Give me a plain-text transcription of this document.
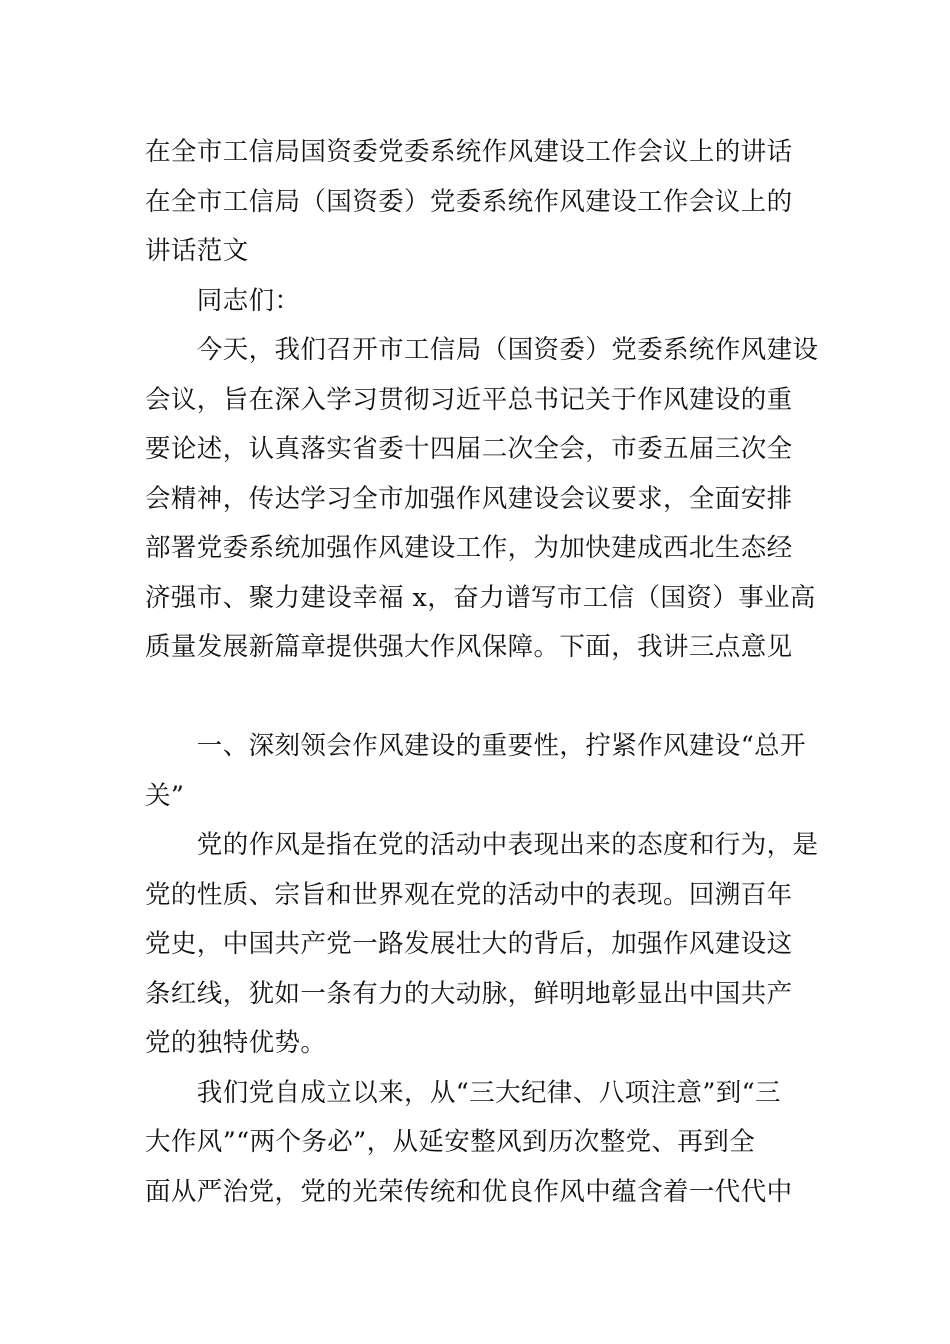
在全市工信局国资委党委系统作风建设工作会议上的讲话
在全市工信局（国资委）党委系统作风建设工作会议上的
讲话范文
　　同志们：
　　今天，我们召开市工信局（国资委）党委系统作风建设
会议，旨在深入学习贯彻习近平总书记关于作风建设的重
要论述，认真落实省委十四届二次全会，市委五届三次全
会精神，传达学习全市加强作风建设会议要求，全面安排
部署党委系统加强作风建设工作，为加快建成西北生态经
济强市、聚力建设幸福 x，奋力谱写市工信（国资）事业高
质量发展新篇章提供强大作风保障。下面，我讲三点意见
　　一、深刻领会作风建设的重要性，拧紧作风建设“总开
关”
　　党的作风是指在党的活动中表现出来的态度和行为，是
党的性质、宗旨和世界观在党的活动中的表现。回溯百年
党史，中国共产党一路发展壮大的背后，加强作风建设这
条红线，犹如一条有力的大动脉，鲜明地彰显出中国共产
党的独特优势。
　　我们党自成立以来，从“三大纪律、八项注意”到“三
大作风”“两个务必”，从延安整风到历次整党、再到全
面从严治党，党的光荣传统和优良作风中蕴含着一代代中
